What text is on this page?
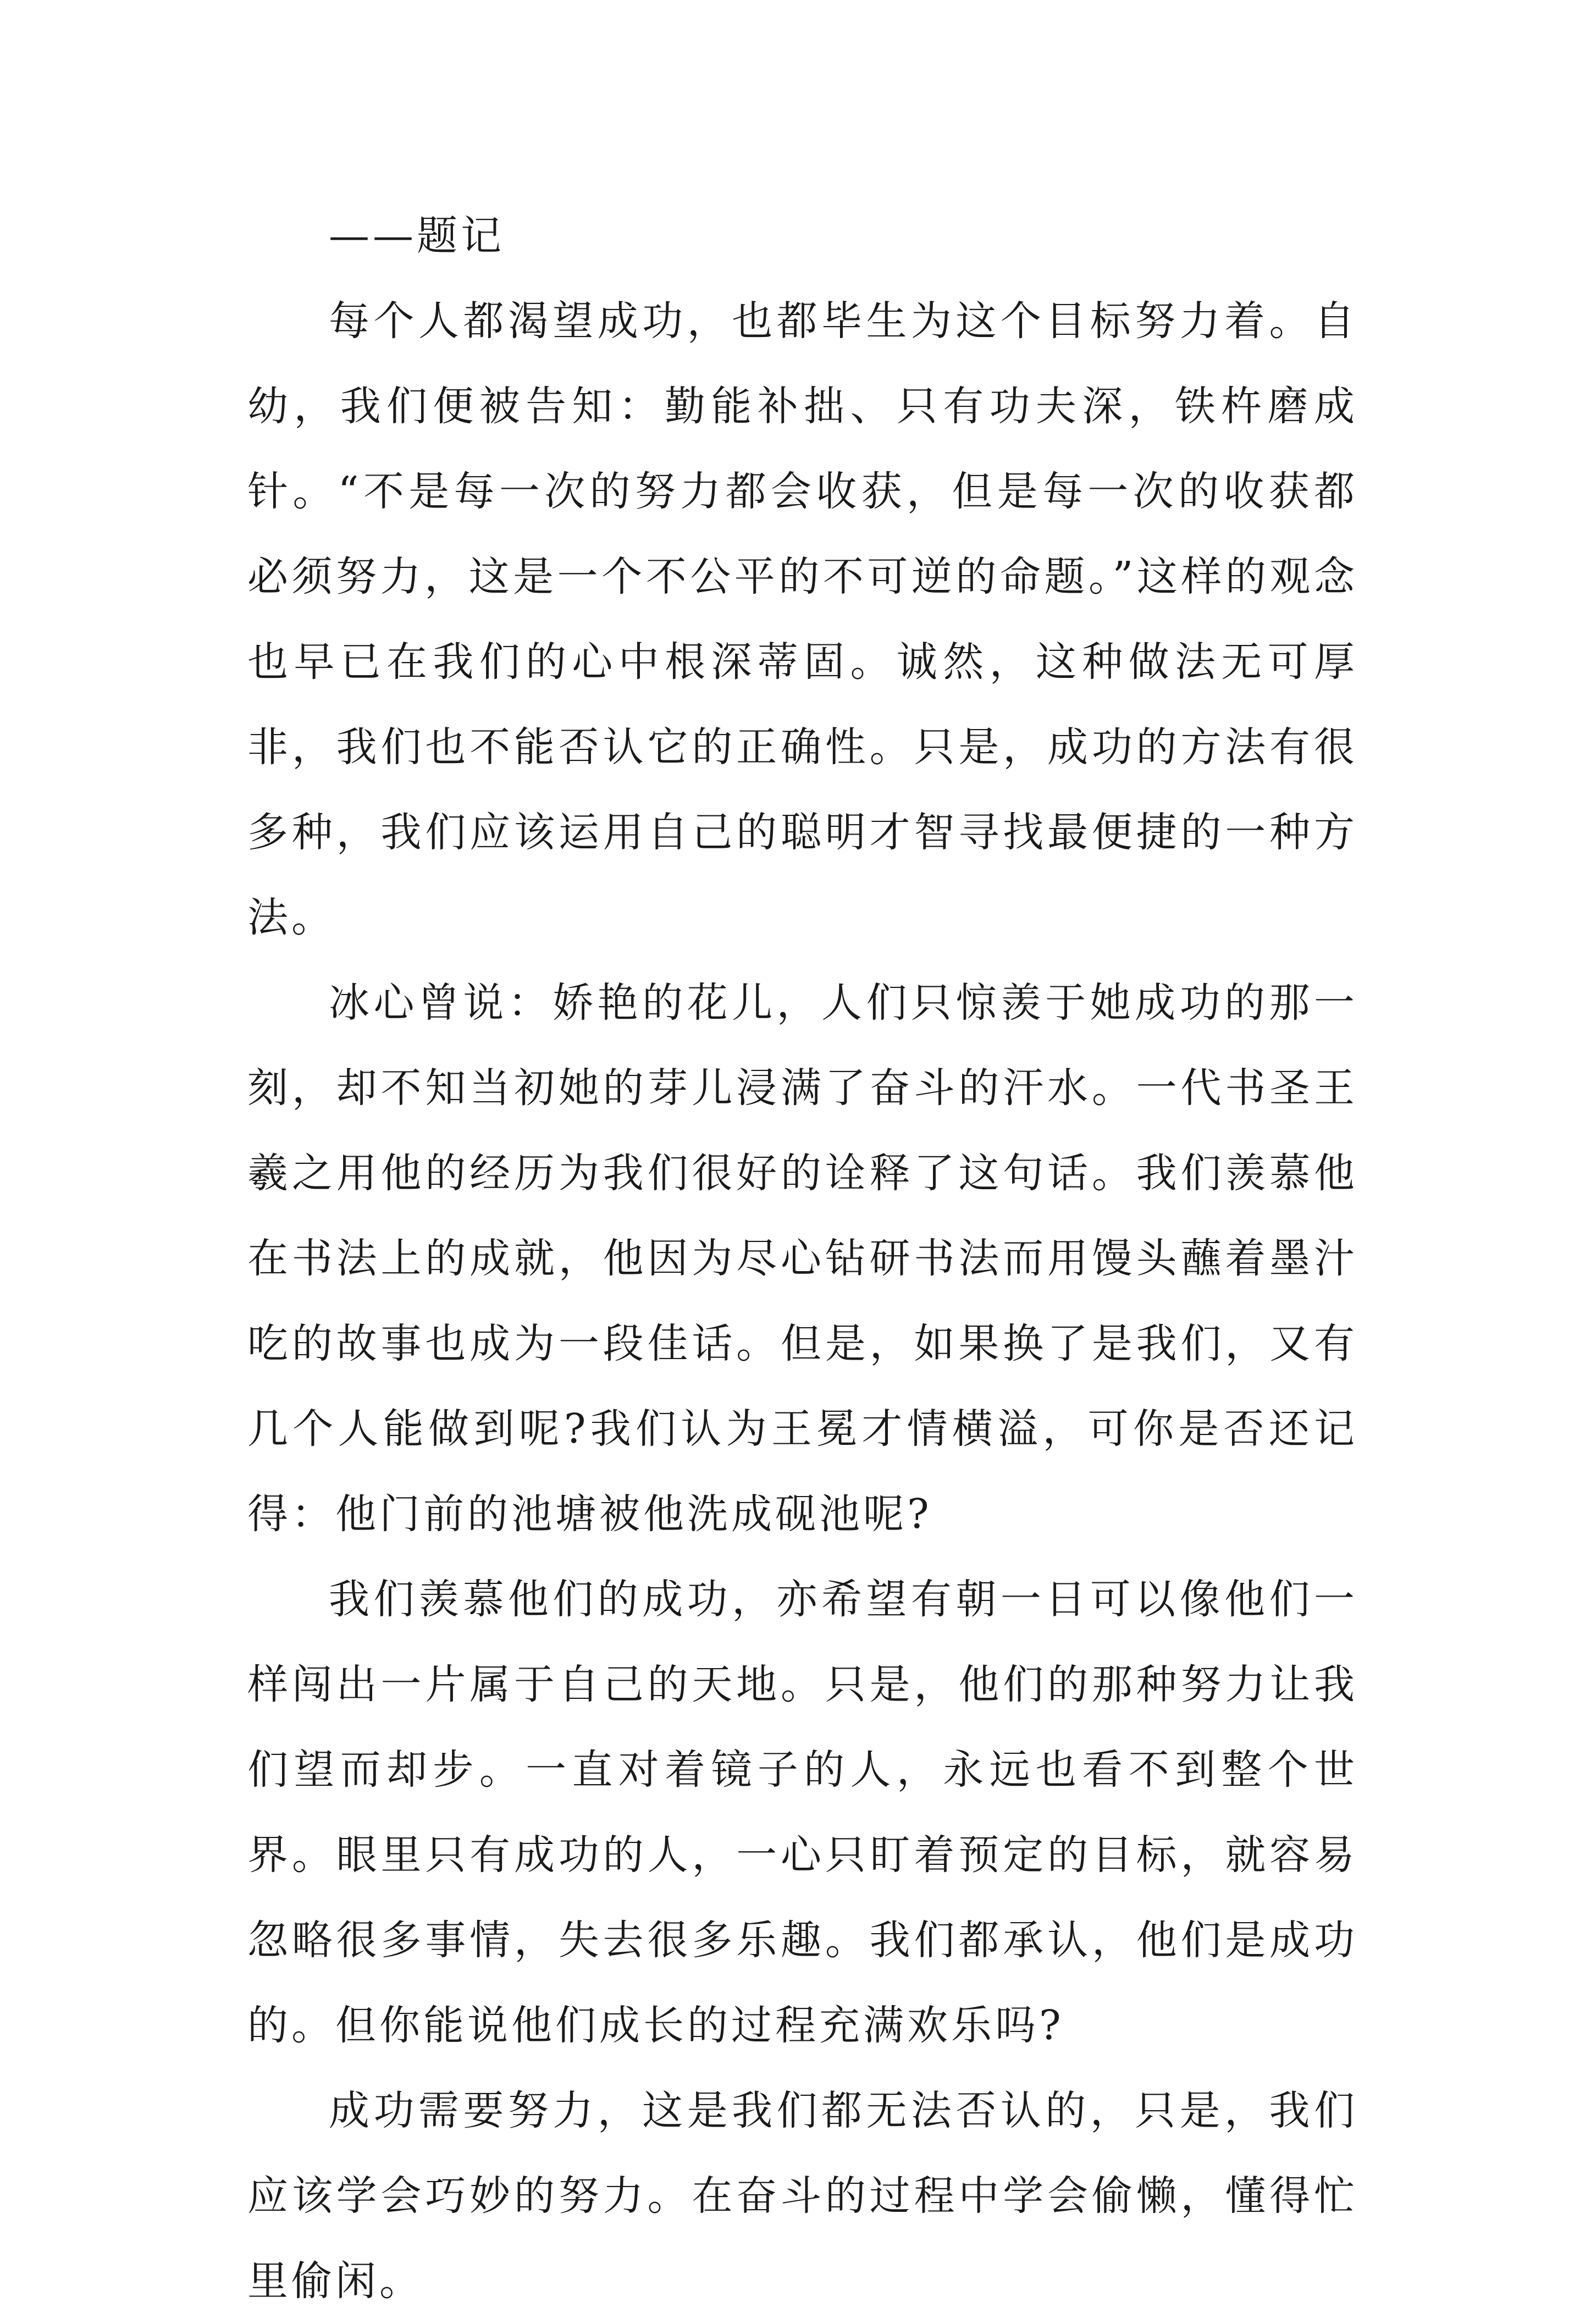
——题记

每个人都渴望成功，也都毕生为这个目标努力着。自幼，我们便被告知：勤能补拙、只有功夫深，铁杵磨成针。“不是每一次的努力都会收获，但是每一次的收获都必须努力，这是一个不公平的不可逆的命题。”这样的观念也早已在我们的心中根深蒂固。诚然，这种做法无可厚非，我们也不能否认它的正确性。只是，成功的方法有很多种，我们应该运用自己的聪明才智寻找最便捷的一种方法。

冰心曾说：娇艳的花儿，人们只惊羡于她成功的那一刻，却不知当初她的芽儿浸满了奋斗的汗水。一代书圣王羲之用他的经历为我们很好的诠释了这句话。我们羡慕他在书法上的成就，他因为尽心钻研书法而用馒头蘸着墨汁吃的故事也成为一段佳话。但是，如果换了是我们，又有几个人能做到呢?我们认为王冕才情横溢，可你是否还记得：他门前的池塘被他洗成砚池呢?

我们羡慕他们的成功，亦希望有朝一日可以像他们一样闯出一片属于自己的天地。只是，他们的那种努力让我们望而却步。一直对着镜子的人，永远也看不到整个世界。眼里只有成功的人，一心只盯着预定的目标，就容易忽略很多事情，失去很多乐趣。我们都承认，他们是成功的。但你能说他们成长的过程充满欢乐吗?

成功需要努力，这是我们都无法否认的，只是，我们应该学会巧妙的努力。在奋斗的过程中学会偷懒，懂得忙里偷闲。
